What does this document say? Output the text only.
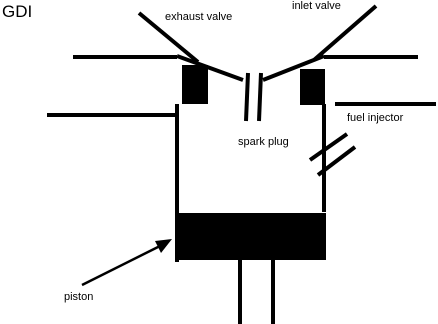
GDI	exhaust valve
inlet valve
spark plug
fuel injector
piston
